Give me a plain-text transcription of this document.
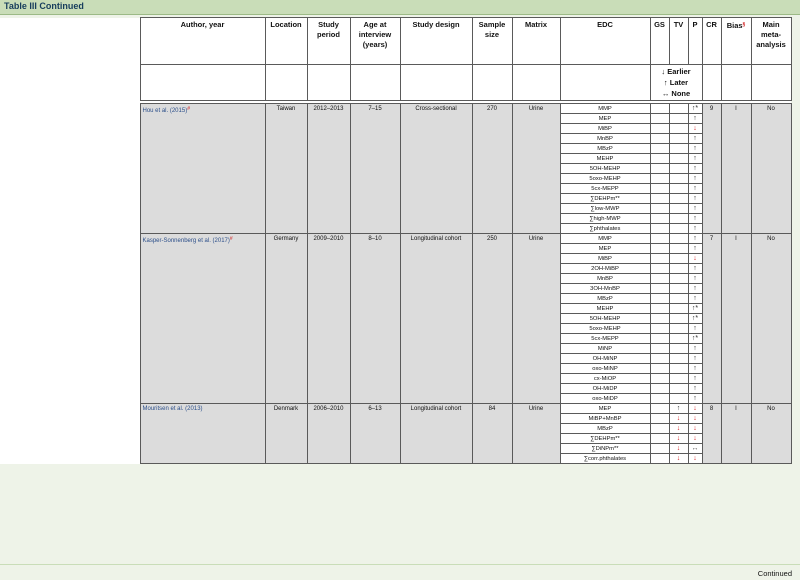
Table III Continued
	Author, year	Location	Study period	Age at interview (years)	Study design	Sample size	Matrix	EDC	GS	TV	P	CR	Bias§	Main meta-analysis

									↓ Earlier
↑ Later
↔ None					

	Hou et al. (2015)#	Taiwan	2012–2013	7–15	Cross-sectional	270	Urine	MMP			↑*	9	I	No
								MEP			↑			
								MiBP			↓			
								MnBP			↑			
								MBzP			↑			
								MEHP			↑			
								5OH-MEHP			↑			
								5oxo-MEHP			↑			
								5cx-MEPP			↑			
								∑DEHPm**			↑			
								∑low-MWP			↑			
								∑high-MWP			↑			
								∑phthalates			↑			
	Kasper-Sonnenberg et al. (2017)#	Germany	2009–2010	8–10	Longitudinal cohort	250	Urine	MMP			↑	7	I	No
								MEP			↑			
								MiBP			↓			
								2OH-MiBP			↑			
								MnBP			↑			
								3OH-MnBP			↑			
								MBzP			↑			
								MEHP			↑*			
								5OH-MEHP			↑*			
								5oxo-MEHP			↑			
								5cx-MEPP			↑*			
								MiNP			↑			
								OH-MiNP			↑			
								oxo-MiNP			↑			
								cx-MiOP			↑			
								OH-MiDP			↑			
								oxo-MiDP			↑			
	Mouritsen et al. (2013)	Denmark	2006–2010	6–13	Longitudinal cohort	84	Urine	MEP		↑	↓	8	I	No
								MiBP+MnBP		↓	↓			
								MBzP		↓	↓			
								∑DEHPm**		↓	↓			
								∑DiNPm**		↓	↔			
								∑corr.phthalates		↓	↓			
Continued
